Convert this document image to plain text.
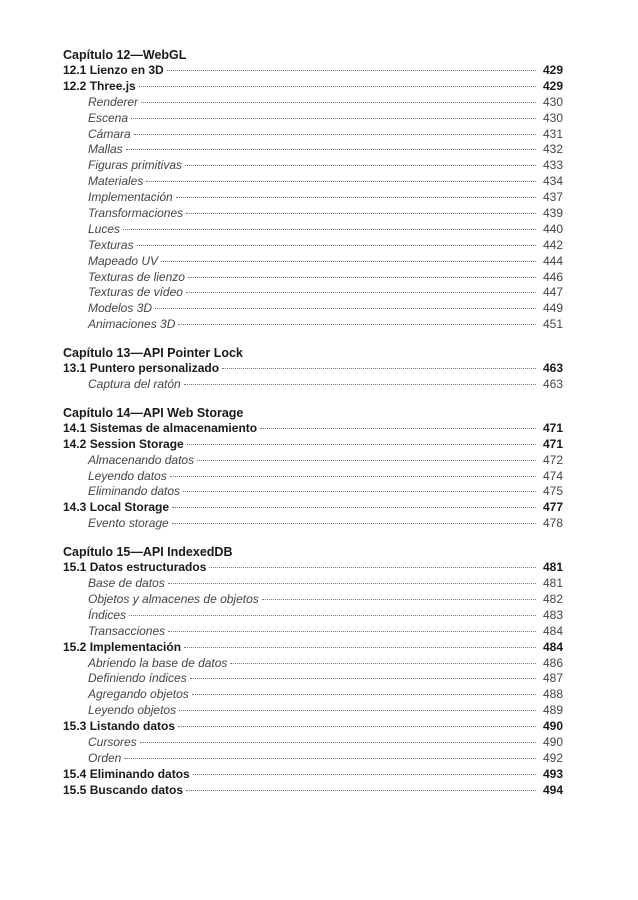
Capítulo 12—WebGL
12.1 Lienzo en 3D	429
12.2 Three.js	429
Renderer	430
Escena	430
Cámara	431
Mallas	432
Figuras primitivas	433
Materiales	434
Implementación	437
Transformaciones	439
Luces	440
Texturas	442
Mapeado UV	444
Texturas de lienzo	446
Texturas de vídeo	447
Modelos 3D	449
Animaciones 3D	451
Capítulo 13—API Pointer Lock
13.1 Puntero personalizado	463
Captura del ratón	463
Capítulo 14—API Web Storage
14.1 Sistemas de almacenamiento	471
14.2 Session Storage	471
Almacenando datos	472
Leyendo datos	474
Eliminando datos	475
14.3 Local Storage	477
Evento storage	478
Capítulo 15—API IndexedDB
15.1 Datos estructurados	481
Base de datos	481
Objetos y almacenes de objetos	482
Índices	483
Transacciones	484
15.2 Implementación	484
Abriendo la base de datos	486
Definiendo índices	487
Agregando objetos	488
Leyendo objetos	489
15.3 Listando datos	490
Cursores	490
Orden	492
15.4 Eliminando datos	493
15.5 Buscando datos	494
